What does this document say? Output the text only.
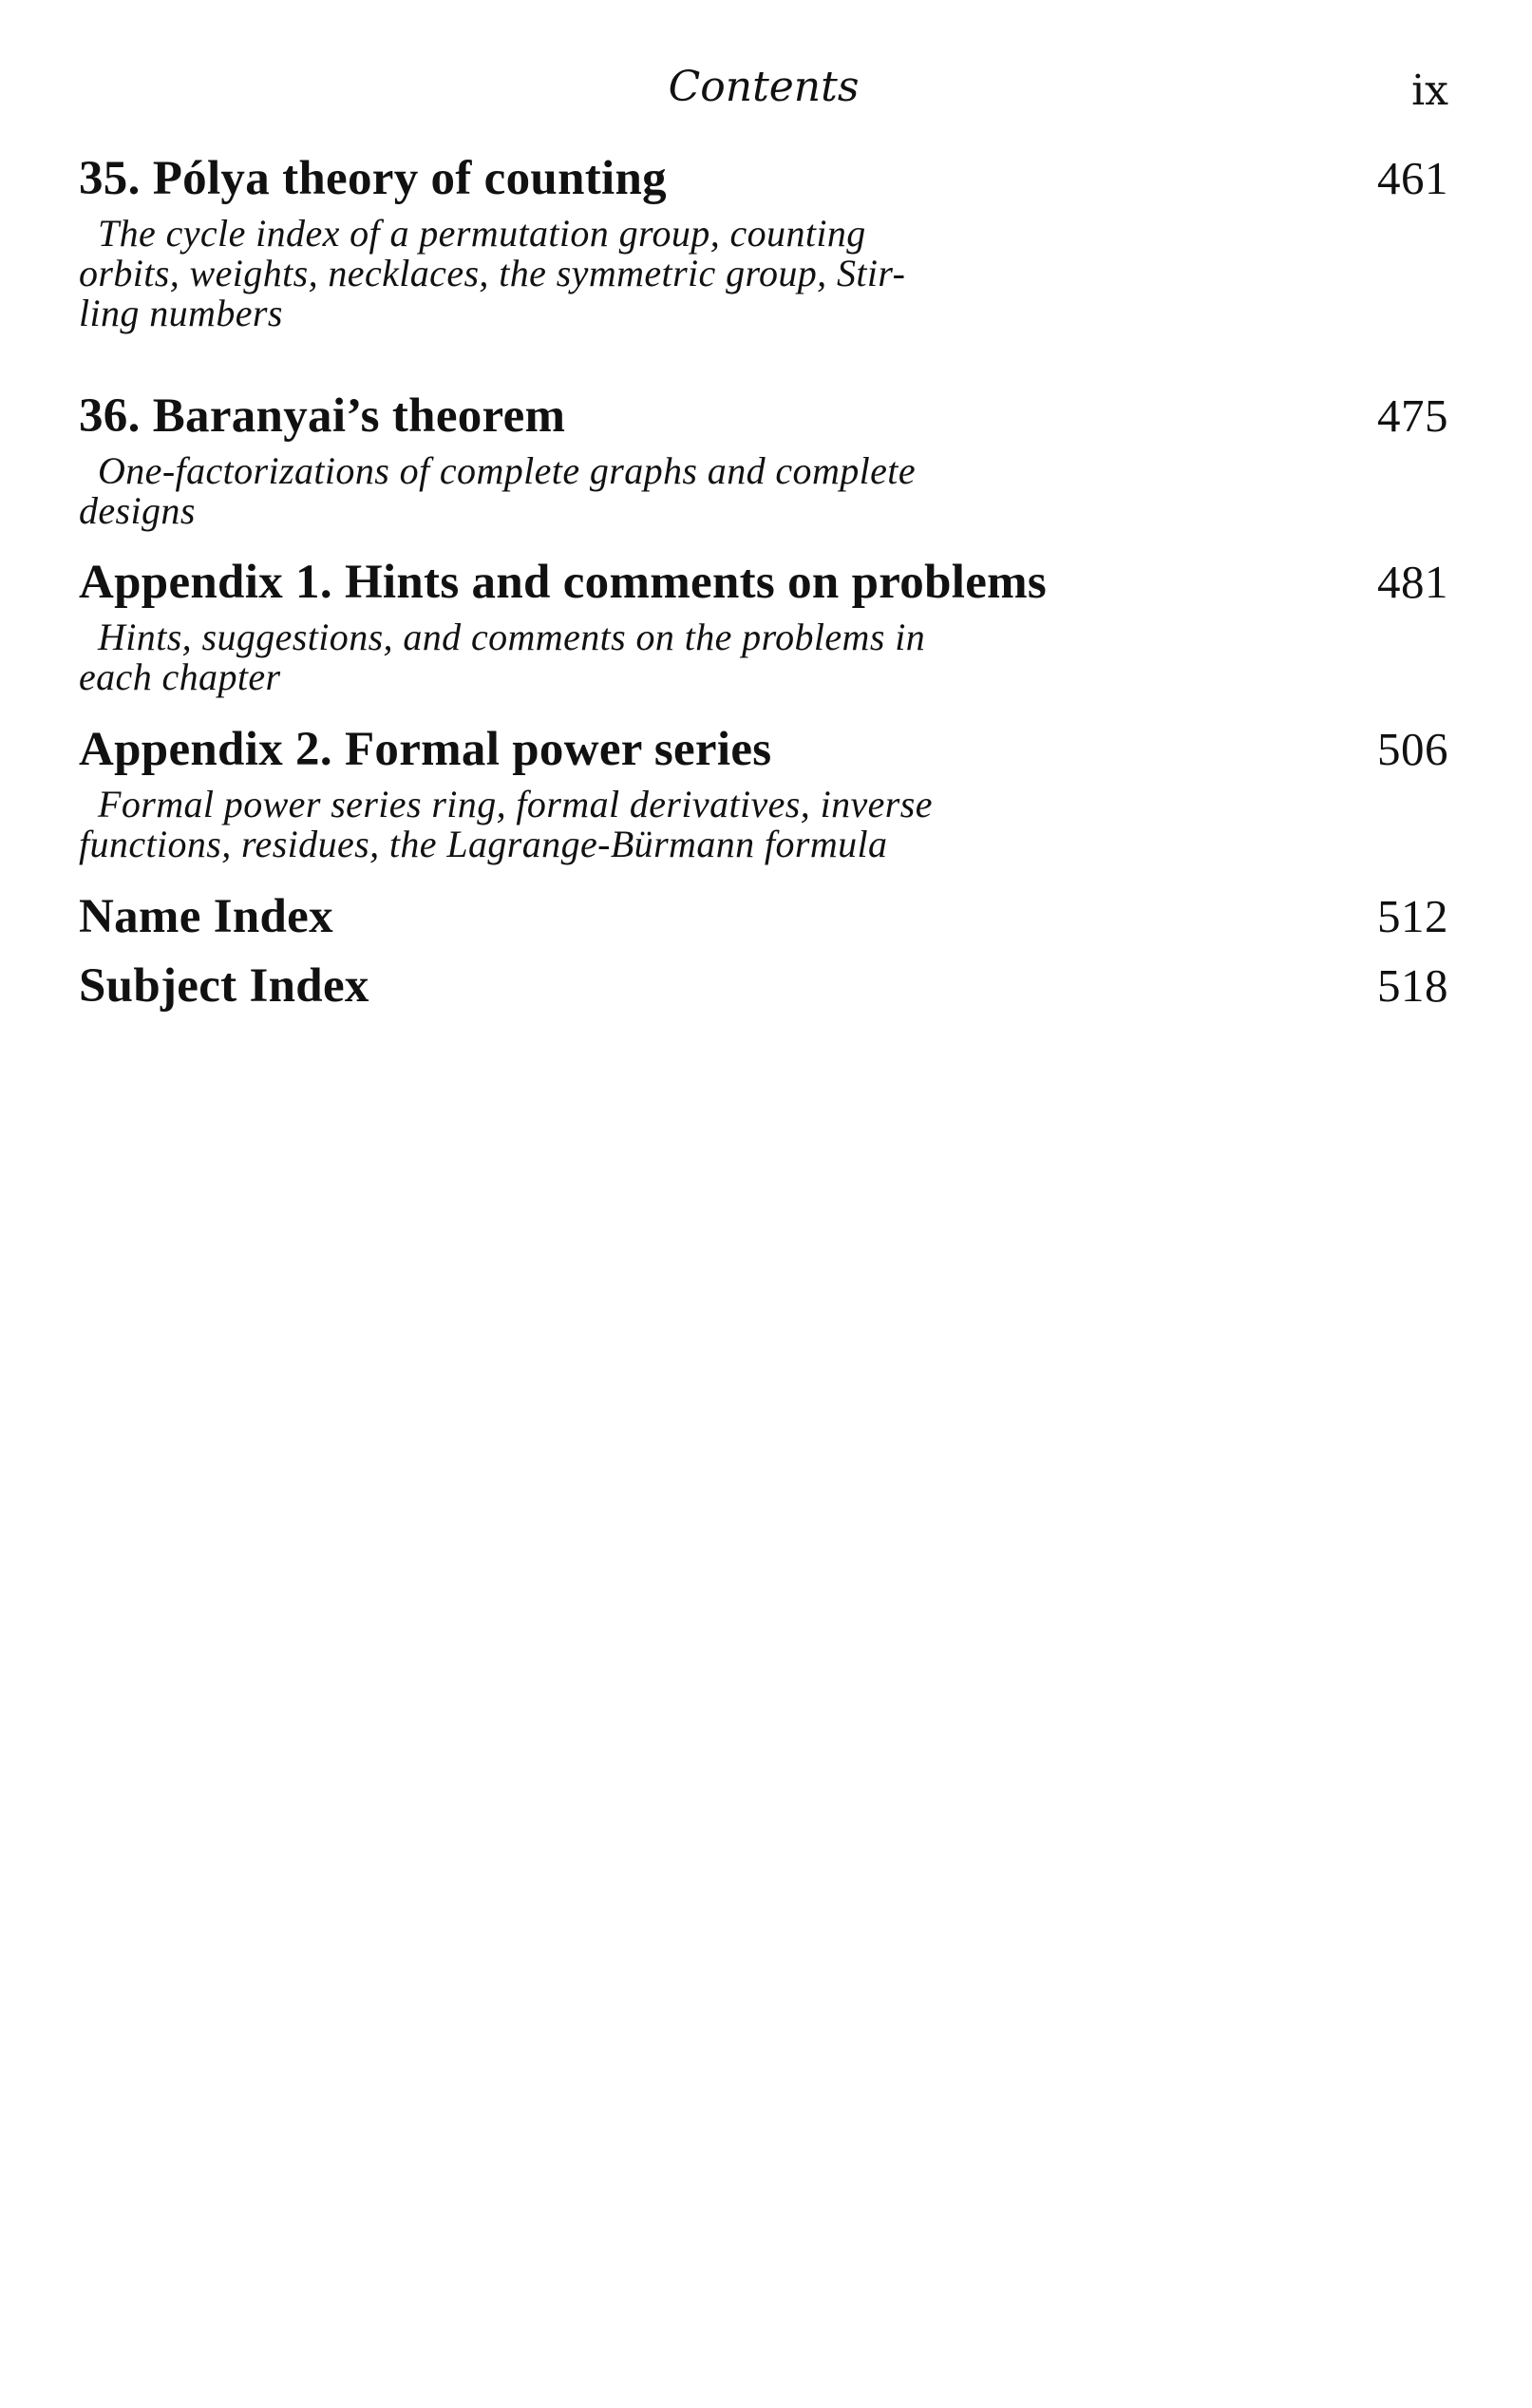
Contents	ix
35. Pólya theory of counting	461
The cycle index of a permutation group, counting
orbits, weights, necklaces, the symmetric group, Stir-
ling numbers
36. Baranyai’s theorem	475
One-factorizations of complete graphs and complete
designs
Appendix 1. Hints and comments on problems	481
Hints, suggestions, and comments on the problems in
each chapter
Appendix 2. Formal power series	506
Formal power series ring, formal derivatives, inverse
functions, residues, the Lagrange-Bürmann formula
Name Index	512
Subject Index	518
